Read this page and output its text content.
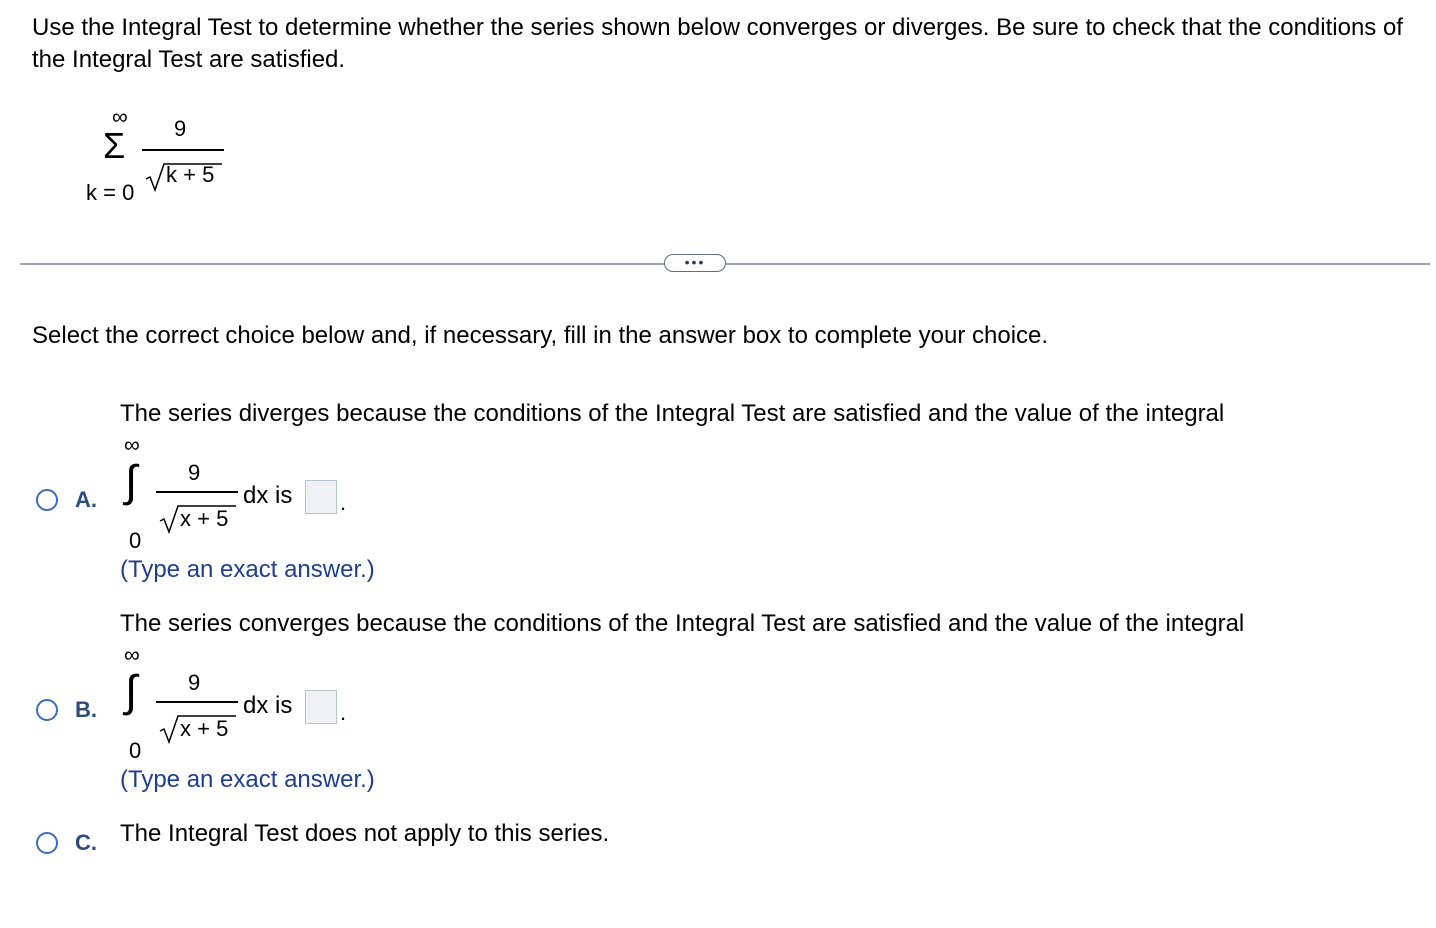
Use the Integral Test to determine whether the series shown below converges or diverges. Be sure to check that the conditions of the Integral Test are satisfied.
∞
Σ
k = 0
9
k + 5
•••
Select the correct choice below and, if necessary, fill in the answer box to complete your choice.
A.
The series diverges because the conditions of the Integral Test are satisfied and the value of the integral
∞
∫
0
9
x + 5
dx is .
(Type an exact answer.)
B.
The series converges because the conditions of the Integral Test are satisfied and the value of the integral
∞
∫
0
9
x + 5
dx is .
(Type an exact answer.)
C. The Integral Test does not apply to this series.
